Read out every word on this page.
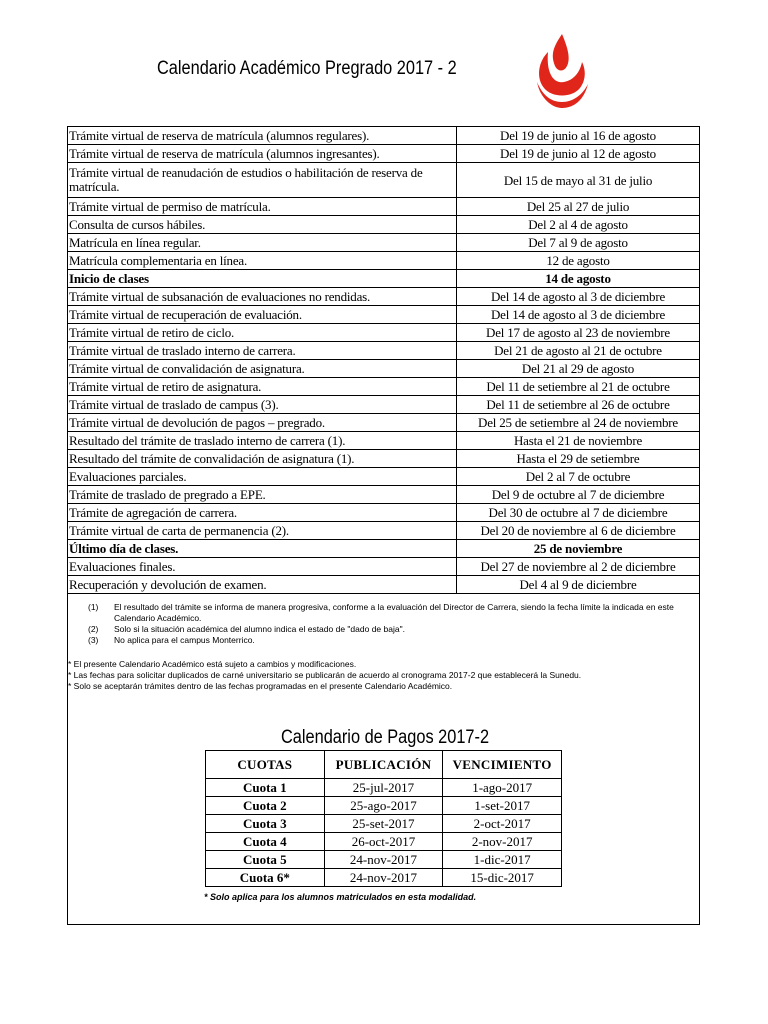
Calendario Académico Pregrado 2017 - 2
Trámite virtual de reserva de matrícula (alumnos regulares).	Del 19 de junio al 16 de agosto
Trámite virtual de reserva de matrícula (alumnos ingresantes).	Del 19 de junio al 12 de agosto
Trámite virtual de reanudación de estudios o habilitación de reserva de matrícula.	Del 15 de mayo al 31 de julio
Trámite virtual de permiso de matrícula.	Del 25 al 27 de julio
Consulta de cursos hábiles.	Del 2 al 4 de agosto
Matrícula en línea regular.	Del 7 al 9 de agosto
Matrícula complementaria en línea.	12 de agosto
Inicio de clases	14 de agosto
Trámite virtual de subsanación de evaluaciones no rendidas.	Del 14 de agosto al 3 de diciembre
Trámite virtual de recuperación de evaluación.	Del 14 de agosto al 3 de diciembre
Trámite virtual de retiro de ciclo.	Del 17 de agosto al 23 de noviembre
Trámite virtual de traslado interno de carrera.	Del 21 de agosto al 21 de octubre
Trámite virtual de convalidación de asignatura.	Del 21 al 29 de agosto
Trámite virtual de retiro de asignatura.	Del 11 de setiembre al 21 de octubre
Trámite virtual de traslado de campus (3).	Del 11 de setiembre al 26 de octubre
Trámite virtual de devolución de pagos – pregrado.	Del 25 de setiembre al 24 de noviembre
Resultado del trámite de traslado interno de carrera (1).	Hasta el 21 de noviembre
Resultado del trámite de convalidación de asignatura (1).	Hasta el 29 de setiembre
Evaluaciones parciales.	Del 2 al 7 de octubre
Trámite de traslado de pregrado a EPE.	Del 9 de octubre al 7 de diciembre
Trámite de agregación de carrera.	Del 30 de octubre al 7 de diciembre
Trámite virtual de carta de permanencia (2).	Del 20 de noviembre al 6 de diciembre
Último día de clases.	25 de noviembre
Evaluaciones finales.	Del 27 de noviembre al 2 de diciembre
Recuperación y devolución de examen.	Del 4 al 9 de diciembre
(1)	El resultado del trámite se informa de manera progresiva, conforme a la evaluación del Director de Carrera, siendo la fecha límite la indicada en este Calendario Académico.
(2)	Solo si la situación académica del alumno indica el estado de "dado de baja".
(3)	No aplica para el campus Monterrico.
* El presente Calendario Académico está sujeto a cambios y modificaciones.
* Las fechas para solicitar duplicados de carné universitario se publicarán de acuerdo al cronograma 2017-2 que establecerá la Sunedu.
* Solo se aceptarán trámites dentro de las fechas programadas en el presente Calendario Académico.
Calendario de Pagos 2017-2
CUOTAS	PUBLICACIÓN	VENCIMIENTO
Cuota 1	25-jul-2017	1-ago-2017
Cuota 2	25-ago-2017	1-set-2017
Cuota 3	25-set-2017	2-oct-2017
Cuota 4	26-oct-2017	2-nov-2017
Cuota 5	24-nov-2017	1-dic-2017
Cuota 6*	24-nov-2017	15-dic-2017
* Solo aplica para los alumnos matriculados en esta modalidad.
